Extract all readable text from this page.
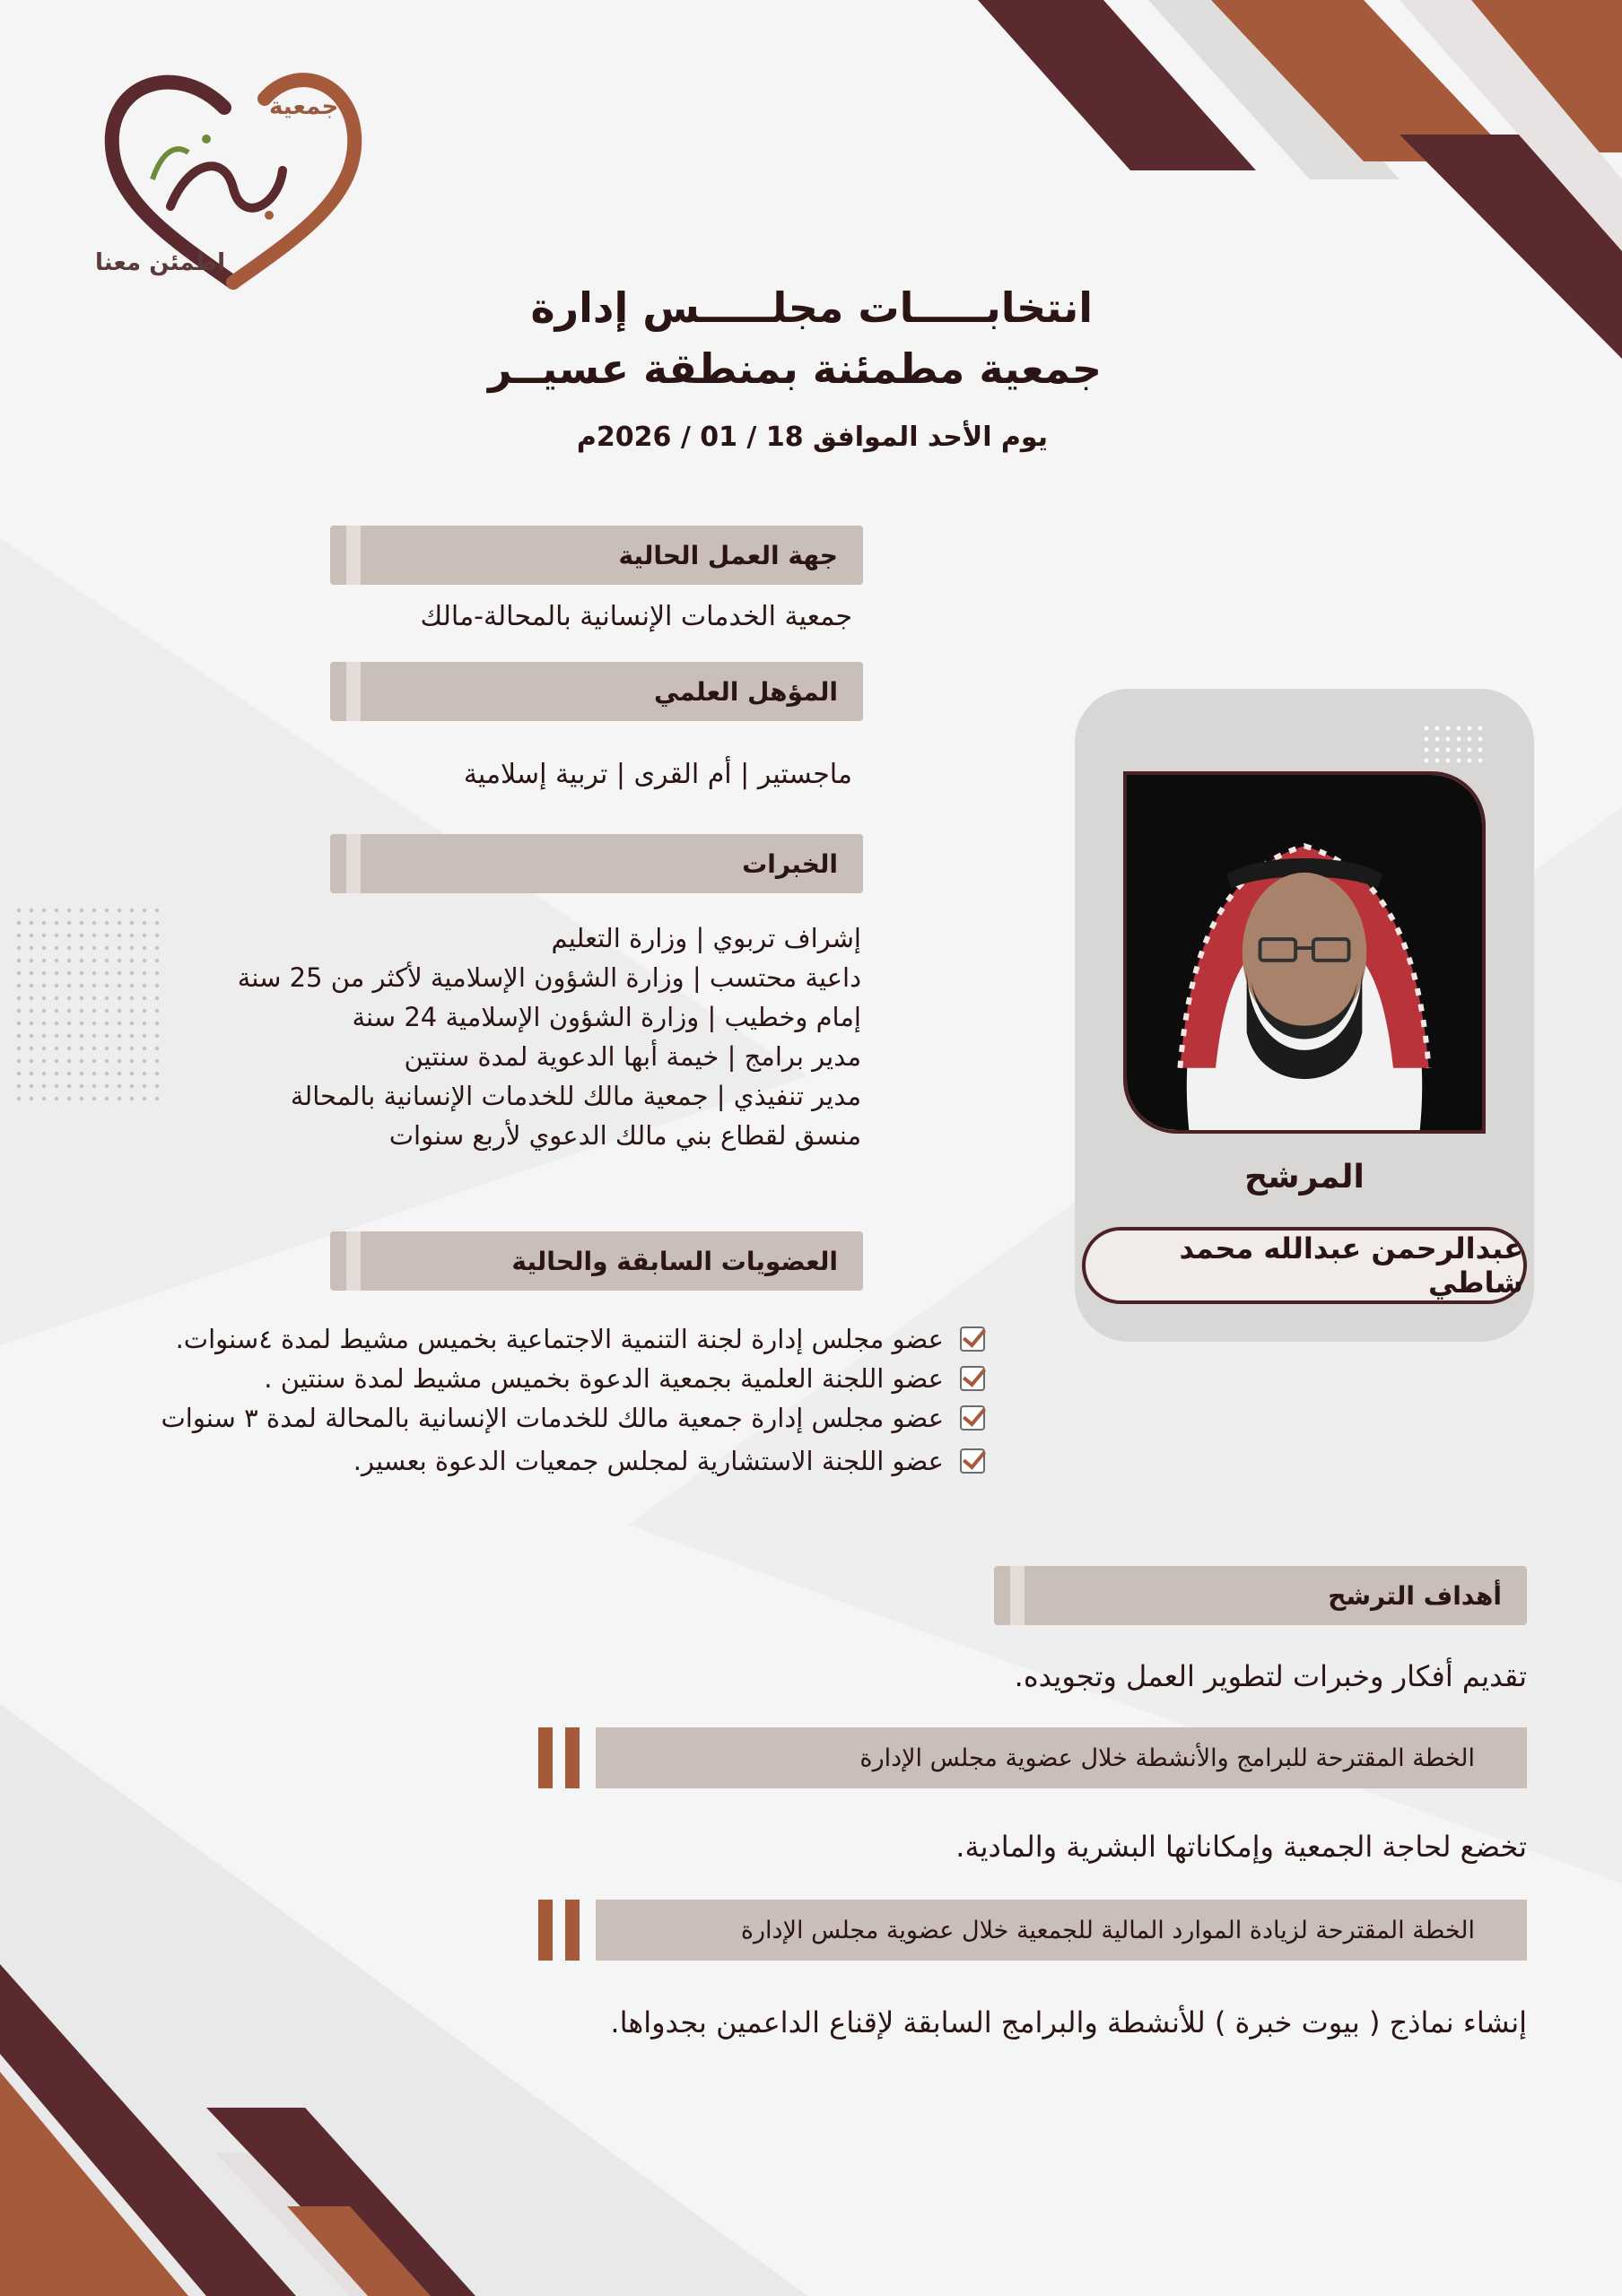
جمعية
اطمئن معنا
انتخابـــــات مجلـــــس إدارة
جمعية مطمئنة بمنطقة عسيــر
يوم الأحد الموافق 18 / 01 / 2026م
جهة العمل الحالية
جمعية الخدمات الإنسانية بالمحالة-مالك
المؤهل العلمي
ماجستير | أم القرى | تربية إسلامية
الخبرات
إشراف تربوي | وزارة التعليم
داعية محتسب | وزارة الشؤون الإسلامية لأكثر من 25 سنة
إمام وخطيب | وزارة الشؤون الإسلامية 24 سنة
مدير برامج | خيمة أبها الدعوية لمدة سنتين
مدير تنفيذي | جمعية مالك للخدمات الإنسانية بالمحالة
منسق لقطاع بني مالك الدعوي لأربع سنوات
العضويات السابقة والحالية
عضو مجلس إدارة لجنة التنمية الاجتماعية بخميس مشيط لمدة ٤سنوات.
عضو اللجنة العلمية بجمعية الدعوة بخميس مشيط لمدة سنتين .
عضو مجلس إدارة جمعية مالك للخدمات الإنسانية بالمحالة لمدة ٣ سنوات
عضو اللجنة الاستشارية لمجلس جمعيات الدعوة بعسير.
المرشح
عبدالرحمن عبدالله محمد شاطي
أهداف الترشح
تقديم أفكار وخبرات لتطوير العمل وتجويده.
الخطة المقترحة للبرامج والأنشطة خلال عضوية مجلس الإدارة
تخضع لحاجة الجمعية وإمكاناتها البشرية والمادية.
الخطة المقترحة لزيادة الموارد المالية للجمعية خلال عضوية مجلس الإدارة
إنشاء نماذج ( بيوت خبرة ) للأنشطة والبرامج السابقة لإقناع الداعمين بجدواها.
